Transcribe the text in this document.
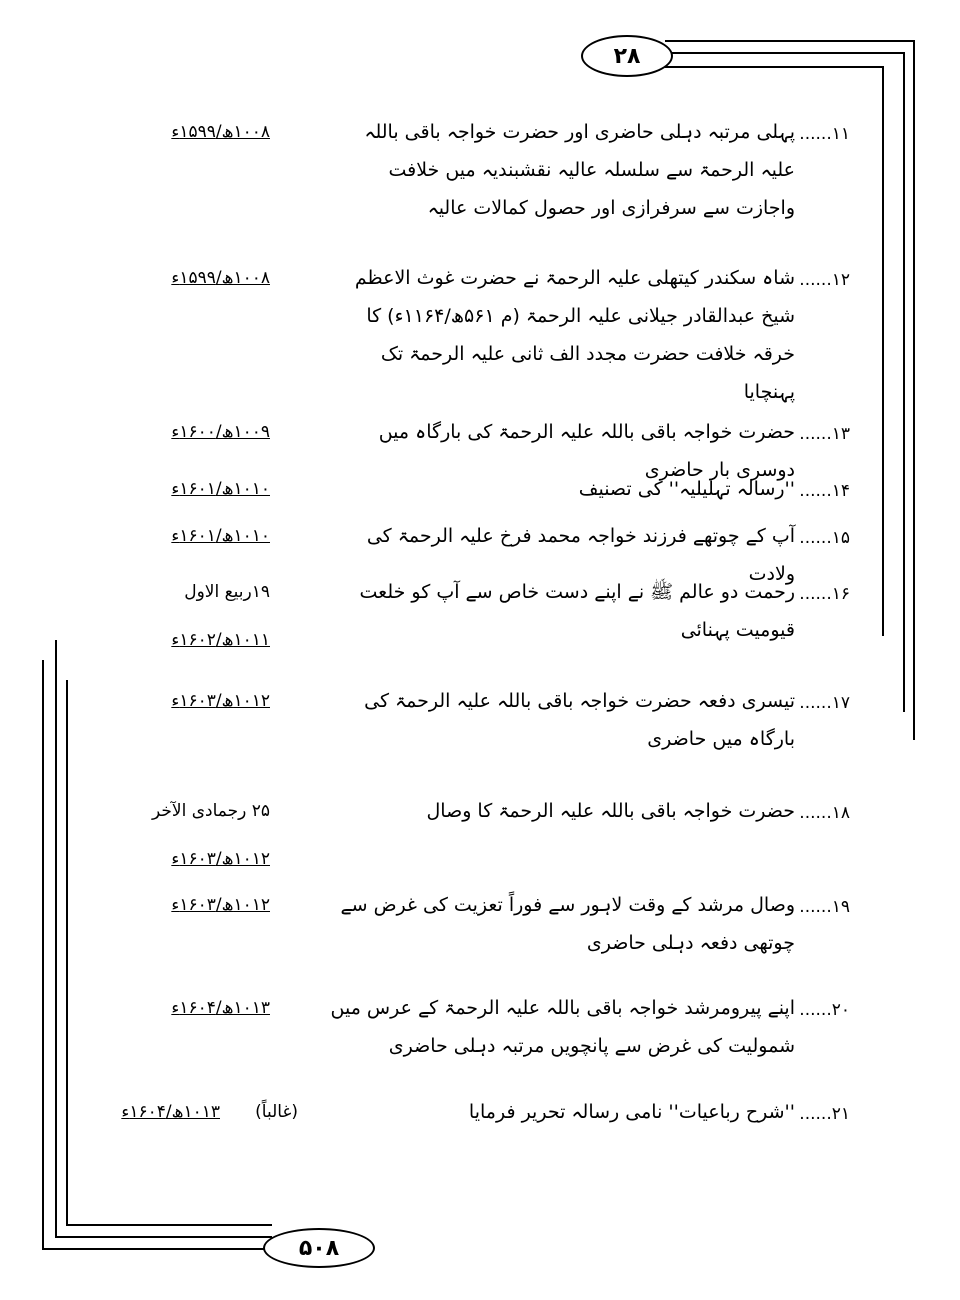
۲۸
۵۰۸
۱۱......
پہلی مرتبہ دہلی حاضری اور حضرت خواجہ باقی باللہ علیہ الرحمۃ سے سلسلہ عالیہ نقشبندیہ میں خلافت واجازت سے سرفرازی اور حصول کمالات عالیہ
۱۰۰۸ھ/۱۵۹۹ء
۱۲......
شاہ سکندر کیتھلی علیہ الرحمۃ نے حضرت غوث الاعظم شیخ عبدالقادر جیلانی علیہ الرحمۃ (م ۵۶۱ھ/۱۱۶۴ء) کا خرقہ خلافت حضرت مجدد الف ثانی علیہ الرحمۃ تک پہنچایا
۱۰۰۸ھ/۱۵۹۹ء
۱۳......
حضرت خواجہ باقی باللہ علیہ الرحمۃ کی بارگاہ میں دوسری بار حاضری
۱۰۰۹ھ/۱۶۰۰ء
۱۴......
''رسالہ تہلیلیہ'' کی تصنیف
۱۰۱۰ھ/۱۶۰۱ء
۱۵......
آپ کے چوتھے فرزند خواجہ محمد فرخ علیہ الرحمۃ کی ولادت
۱۰۱۰ھ/۱۶۰۱ء
۱۶......
رحمت دو عالم ﷺ نے اپنے دست خاص سے آپ کو خلعت قیومیت پہنائی
۱۹ربیع الاول
۱۰۱۱ھ/۱۶۰۲ء
۱۷......
تیسری دفعہ حضرت خواجہ باقی باللہ علیہ الرحمۃ کی بارگاہ میں حاضری
۱۰۱۲ھ/۱۶۰۳ء
۱۸......
حضرت خواجہ باقی باللہ علیہ الرحمۃ کا وصال
۲۵ رجمادی الآخر
۱۰۱۲ھ/۱۶۰۳ء
۱۹......
وصال مرشد کے وقت لاہور سے فوراً تعزیت کی غرض سے چوتھی دفعہ دہلی حاضری
۱۰۱۲ھ/۱۶۰۳ء
۲۰......
اپنے پیرومرشد خواجہ باقی باللہ علیہ الرحمۃ کے عرس میں شمولیت کی غرض سے پانچویں مرتبہ دہلی حاضری
۱۰۱۳ھ/۱۶۰۴ء
۲۱......
''شرح رباعیات'' نامی رسالہ تحریر فرمایا
(غالباً)
۱۰۱۳ھ/۱۶۰۴ء
